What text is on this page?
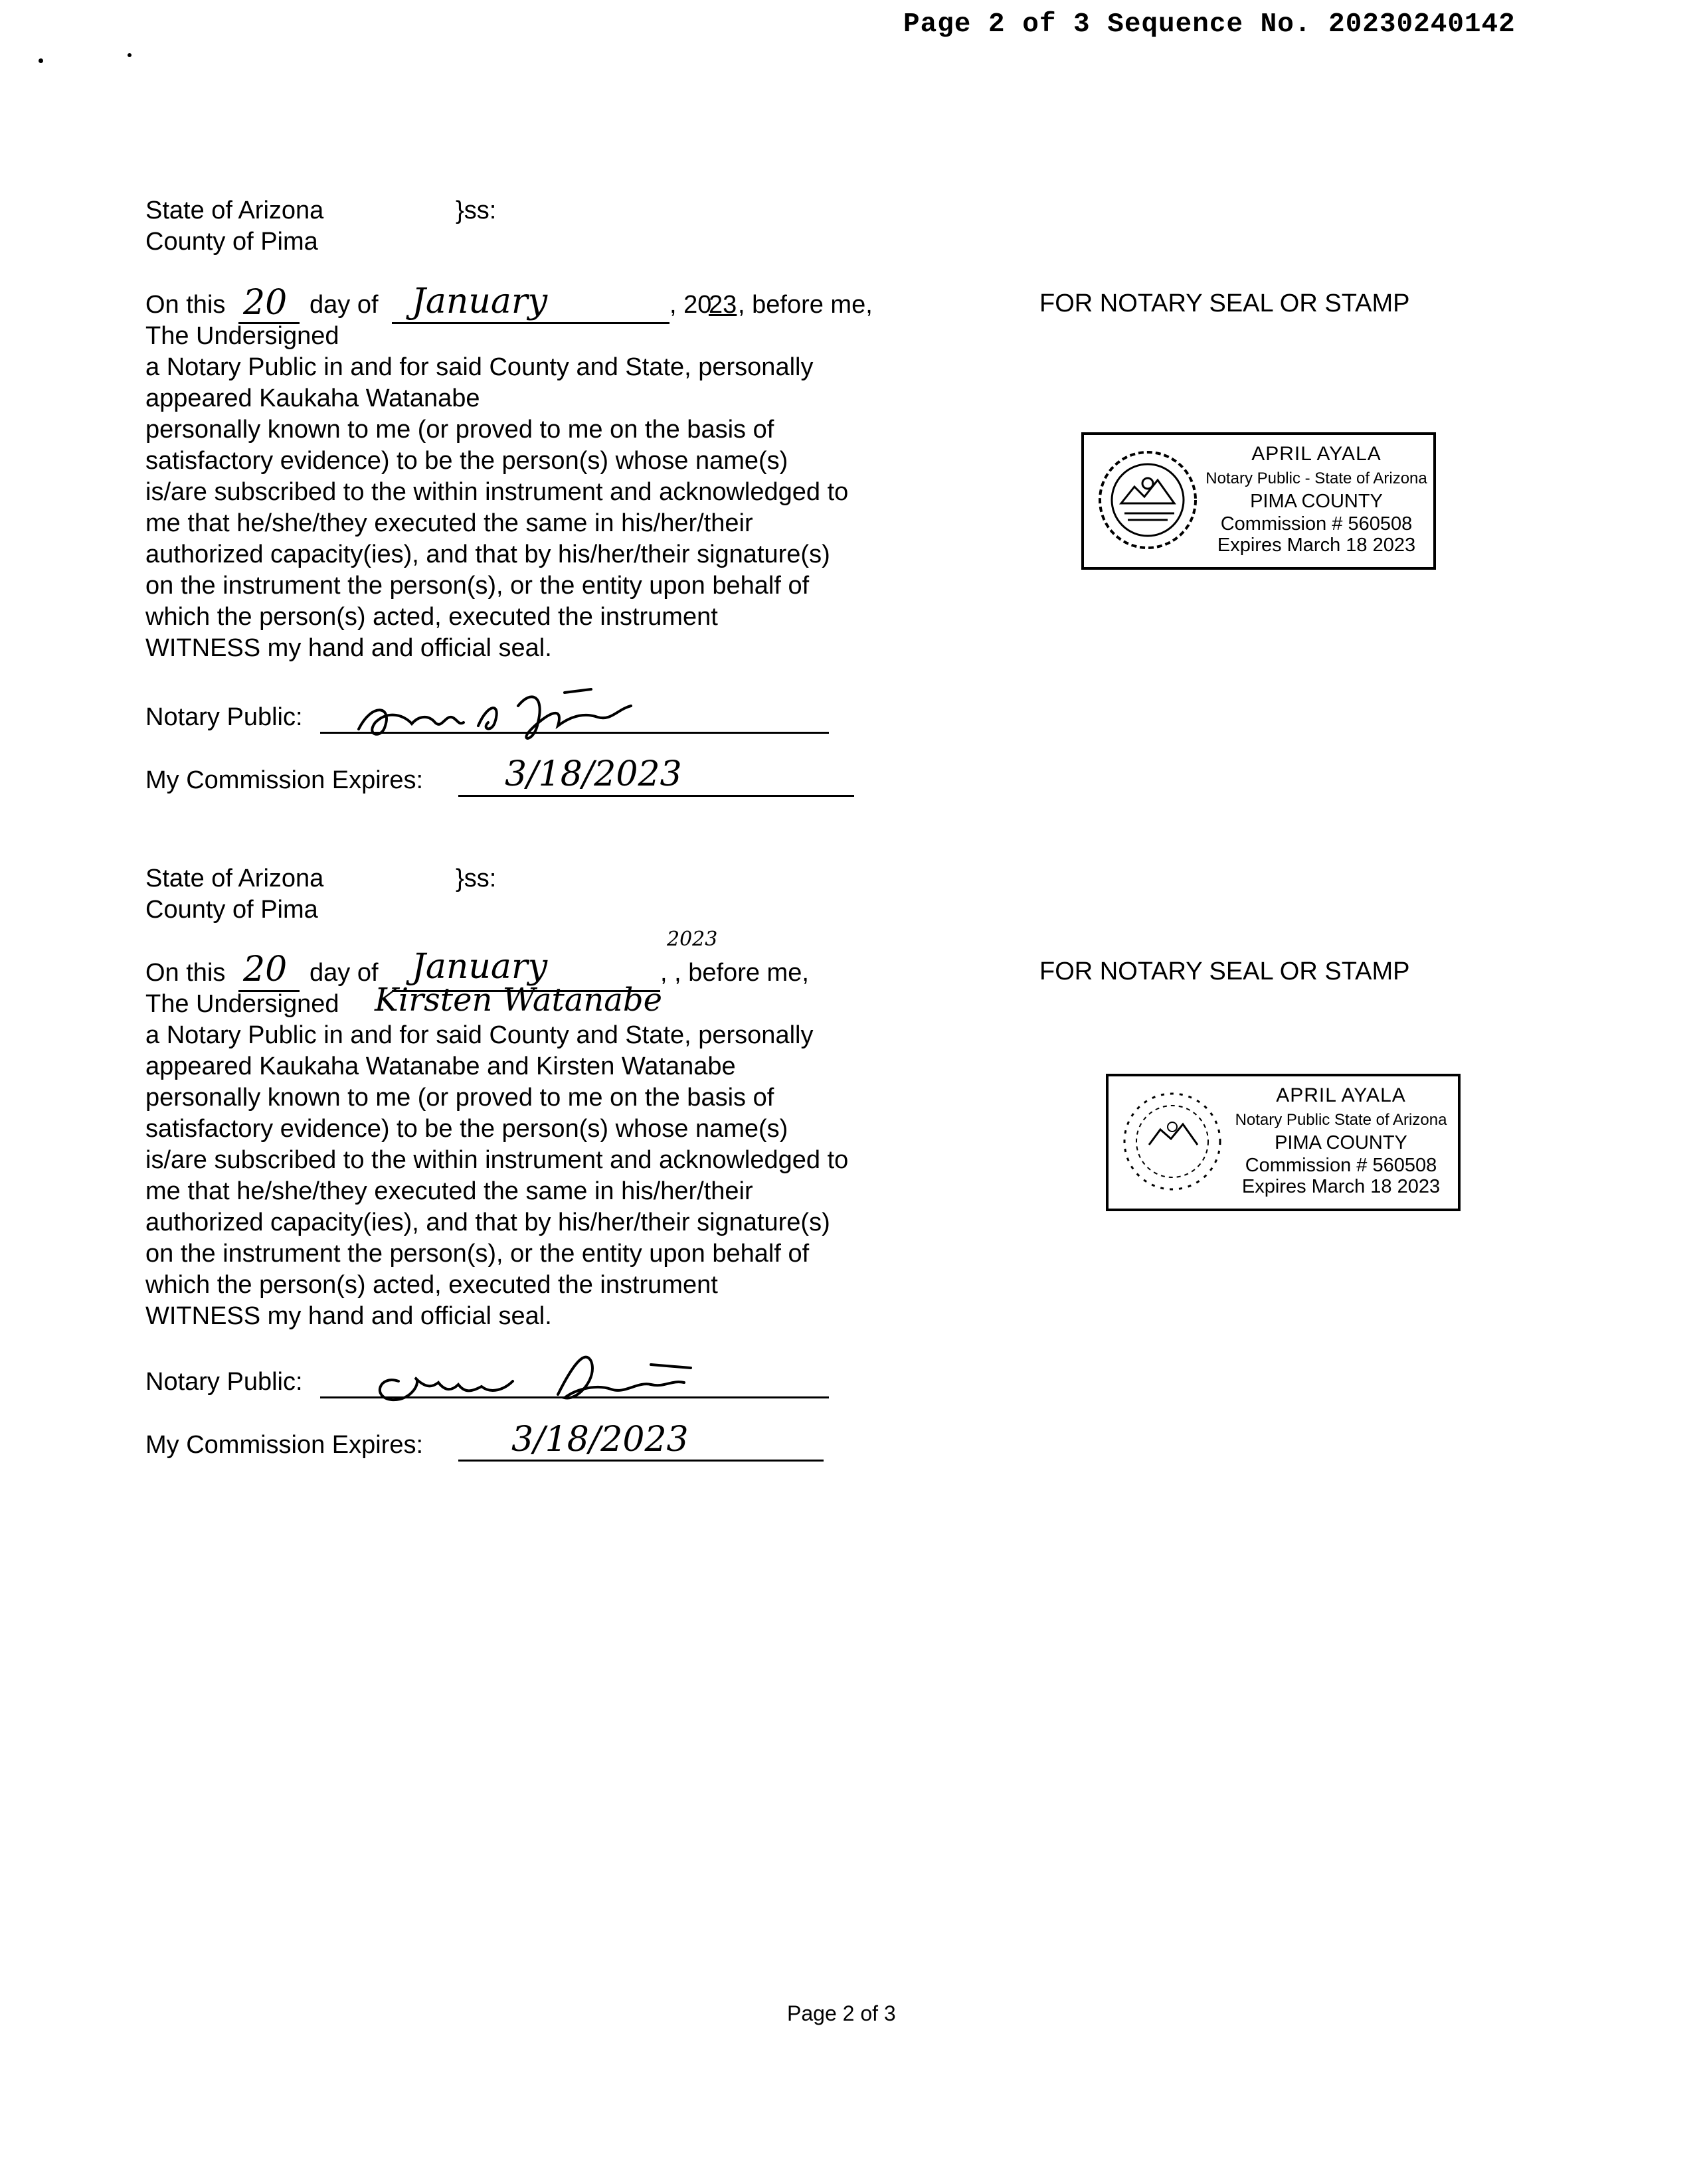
Page 2 of 3 Sequence No. 20230240142
State of Arizona	}ss:
County of Pima
On this 20 day of January	, 20
23 , before me,
The Undersigned
a Notary Public in and for said County and State, personally
appeared Kaukaha Watanabe
personally known to me (or proved to me on the basis of
satisfactory evidence) to be the person(s) whose name(s)
is/are subscribed to the within instrument and acknowledged to
me that he/she/they executed the same in his/her/their
authorized capacity(ies), and that by his/her/their signature(s)
on the instrument the person(s), or the entity upon behalf of
which the person(s) acted, executed the instrument
WITNESS my hand and official seal.
Notary Public:
My Commission Expires: 3/18/2023
FOR NOTARY SEAL OR STAMP
APRIL AYALA
Notary Public - State of Arizona
PIMA COUNTY
Commission # 560508
Expires March 18 2023
State of Arizona	}ss:
County of Pima
On this 20 day of January
2023
, , before me,
The Undersigned Kirsten Watanabe
a Notary Public in and for said County and State, personally
appeared Kaukaha Watanabe and Kirsten Watanabe
personally known to me (or proved to me on the basis of
satisfactory evidence) to be the person(s) whose name(s)
is/are subscribed to the within instrument and acknowledged to
me that he/she/they executed the same in his/her/their
authorized capacity(ies), and that by his/her/their signature(s)
on the instrument the person(s), or the entity upon behalf of
which the person(s) acted, executed the instrument
WITNESS my hand and official seal.
Notary Public:
My Commission Expires:	3/18/2023
FOR NOTARY SEAL OR STAMP
APRIL AYALA
Notary Public State of Arizona
PIMA COUNTY
Commission # 560508
Expires March 18 2023
Page 2 of 3
